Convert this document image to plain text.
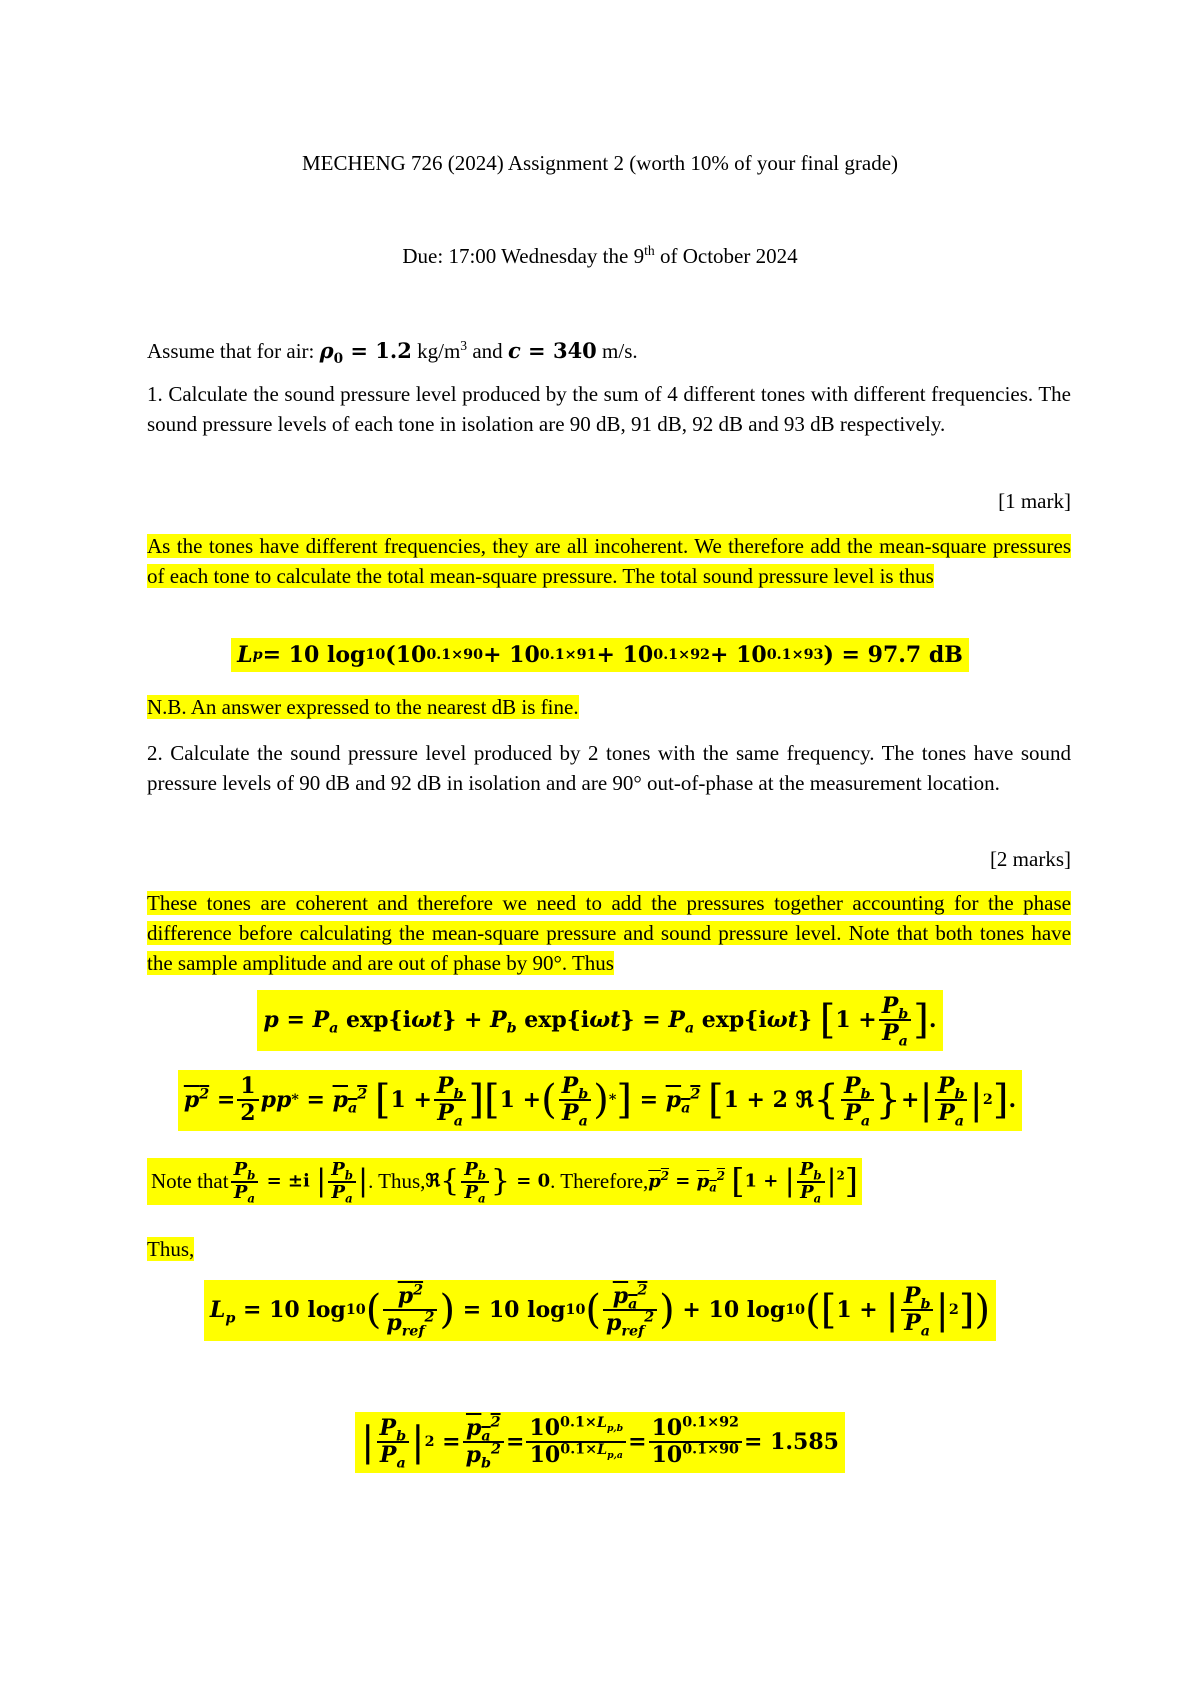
MECHENG 726 (2024) Assignment 2 (worth 10% of your final grade)
Due: 17:00 Wednesday the 9th of October 2024
Assume that for air: $\rho_0 = 1.2$ $kg/m^3$ and c = 340 m/s.
1. Calculate the sound pressure level produced by the sum of 4 different tones with different frequencies. The sound pressure levels of each tone in isolation are 90 dB, 91 dB, 92 dB and 93 dB respectively.
[1 mark]
As the tones have different frequencies, they are all incoherent. We therefore add the mean-square pressures of each tone to calculate the total mean-square pressure. The total sound pressure level is thus
L p = 10 log 10 (10 0.1×90 + 10 0.1×91 + 10 0.1×92 + 10 0.1×93 ) = 97.7 dB
N.B. An answer expressed to the nearest dB is fine.
2. Calculate the sound pressure level produced by 2 tones with the same frequency. The tones have sound pressure levels of 90 dB and 92 dB in isolation and are 90° out-of-phase at the measurement location.
[2 marks]
These tones are coherent and therefore we need to add the pressures together accounting for the phase difference before calculating the mean-square pressure and sound pressure level. Note that both tones have the sample amplitude and are out of phase by 90°. Thus
$p = P_a$ exp{i ωt } + $P_b$ exp{i ωt } = $P_a$ exp{i ωt } [ $1 + \frac{P_b}{P_a}$ ] .
$p^2 = \frac{1}{2}$ pp * = $p_a^2$
[ $1 + \frac{P_b}{P_a}$ ] [ 1 + ( $\frac{P_b}{P_a}$ ) * ] = $p_a^2$
[ 1 + 2 ℜ { $\frac{P_b}{P_a}$ } + | $\frac{P_b}{P_a}$ | 2 ] .
Note that $\frac{P_b}{P_a} = \pm i$ | $\frac{P_b}{P_a}$ | . Thus, ℜ{ $\frac{P_b}{P_a}$ } = 0 . Therefore, $p^2 = p_a^2$ [1 + | $\frac{P_b}{P_a} |^2$]
Thus,
$L_p = 10$ log 10 ( $\frac{p^2}{p_{ref}^2}$ ) = 10 log 10 ( $\frac{p_a^2}{p_{ref}^2}$ ) + 10 log 10 ( [ 1 + | $\frac{P_b}{P_a}$ | 2 ] )
| $\frac{P_b}{P_a}$ | $2 = \frac{p_a^2}{p_b^2} = \frac{10^{0.1\times L_{p,b}}}{10^{0.1\times L_{p,a}}} = \frac{10^{0.1\times 92}}{10^{0.1\times 90}} = 1.585$
